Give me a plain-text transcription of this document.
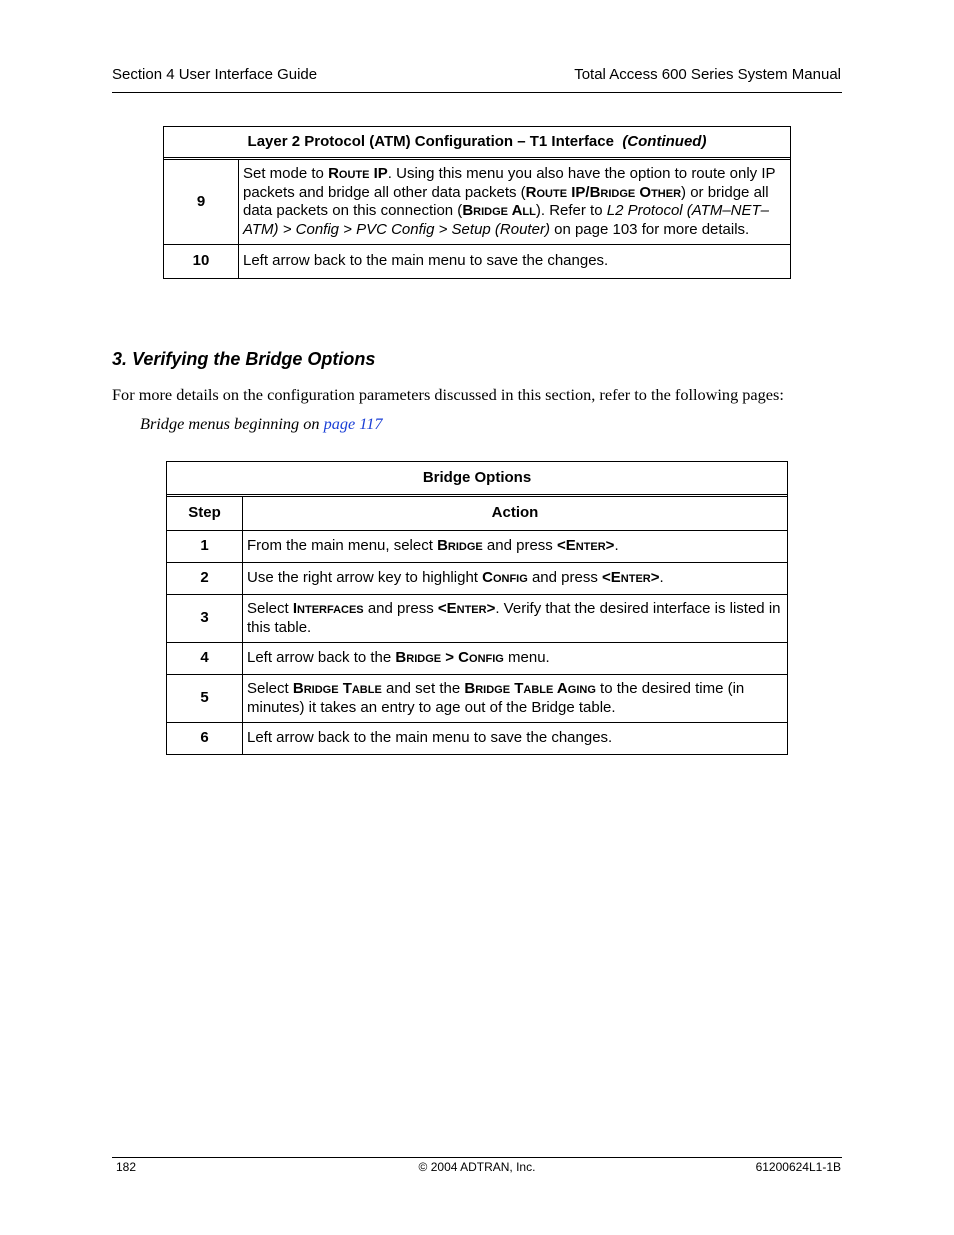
Section 4 User Interface Guide	Total Access 600 Series System Manual
Layer 2 Protocol (ATM) Configuration – T1 Interface (Continued)	

9	Set mode to Route IP. Using this menu you also have the option to route only IP packets and bridge all other data packets (Route IP/Bridge Other) or bridge all data packets on this connection (Bridge All). Refer to L2 Protocol (ATM–NET–ATM) > Config > PVC Config > Setup (Router) on page 103 for more details.
10	Left arrow back to the main menu to save the changes.
3. Verifying the Bridge Options
For more details on the configuration parameters discussed in this section, refer to the following pages:
Bridge menus beginning on page 117
Bridge Options	

Step	Action
1	From the main menu, select Bridge and press <Enter>.
2	Use the right arrow key to highlight Config and press <Enter>.
3	Select Interfaces and press <Enter>. Verify that the desired interface is listed in this table.
4	Left arrow back to the Bridge > Config menu.
5	Select Bridge Table and set the Bridge Table Aging to the desired time (in minutes) it takes an entry to age out of the Bridge table.
6	Left arrow back to the main menu to save the changes.
182	© 2004 ADTRAN, Inc.	61200624L1-1B
